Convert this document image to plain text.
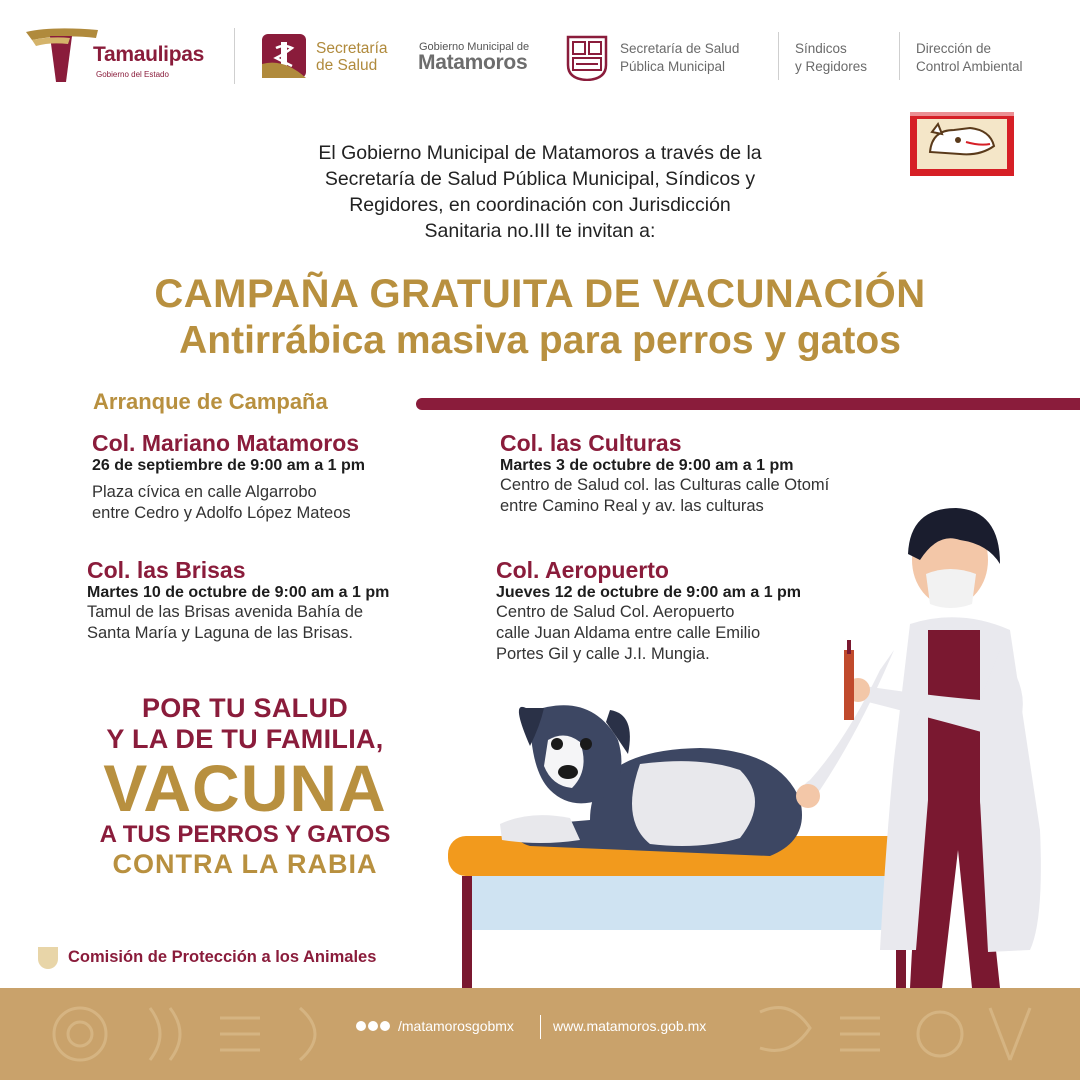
Tamaulipas
Gobierno del Estado
Secretaría
de Salud
Gobierno Municipal de
Matamoros
Secretaría de Salud
Pública Municipal
Síndicos
y Regidores
Dirección de
Control Ambiental
El Gobierno Municipal de Matamoros a través de la
Secretaría de Salud Pública Municipal, Síndicos y
Regidores, en coordinación con Jurisdicción
Sanitaria no.III te invitan a:
CAMPAÑA GRATUITA DE VACUNACIÓN
Antirrábica masiva para perros y gatos
Arranque de Campaña
Col. Mariano Matamoros
26 de septiembre de 9:00 am a 1 pm
Plaza cívica en calle Algarrobo
entre Cedro y Adolfo López Mateos
Col. las Culturas
Martes 3 de octubre de 9:00 am a 1 pm
Centro de Salud col. las Culturas calle Otomí
entre Camino Real y av. las culturas
Col. las Brisas
Martes 10 de octubre de 9:00 am a 1 pm
Tamul de las Brisas avenida Bahía de
Santa María y Laguna de las Brisas.
Col. Aeropuerto
Jueves 12 de octubre de 9:00 am a 1 pm
Centro de Salud Col. Aeropuerto
calle Juan Aldama entre calle Emilio
Portes Gil y calle J.I. Mungia.
POR TU SALUD
Y LA DE TU FAMILIA,
VACUNA
A TUS PERROS Y GATOS
CONTRA LA RABIA
Comisión de Protección a los Animales
/matamorosgobmx	www.matamoros.gob.mx
